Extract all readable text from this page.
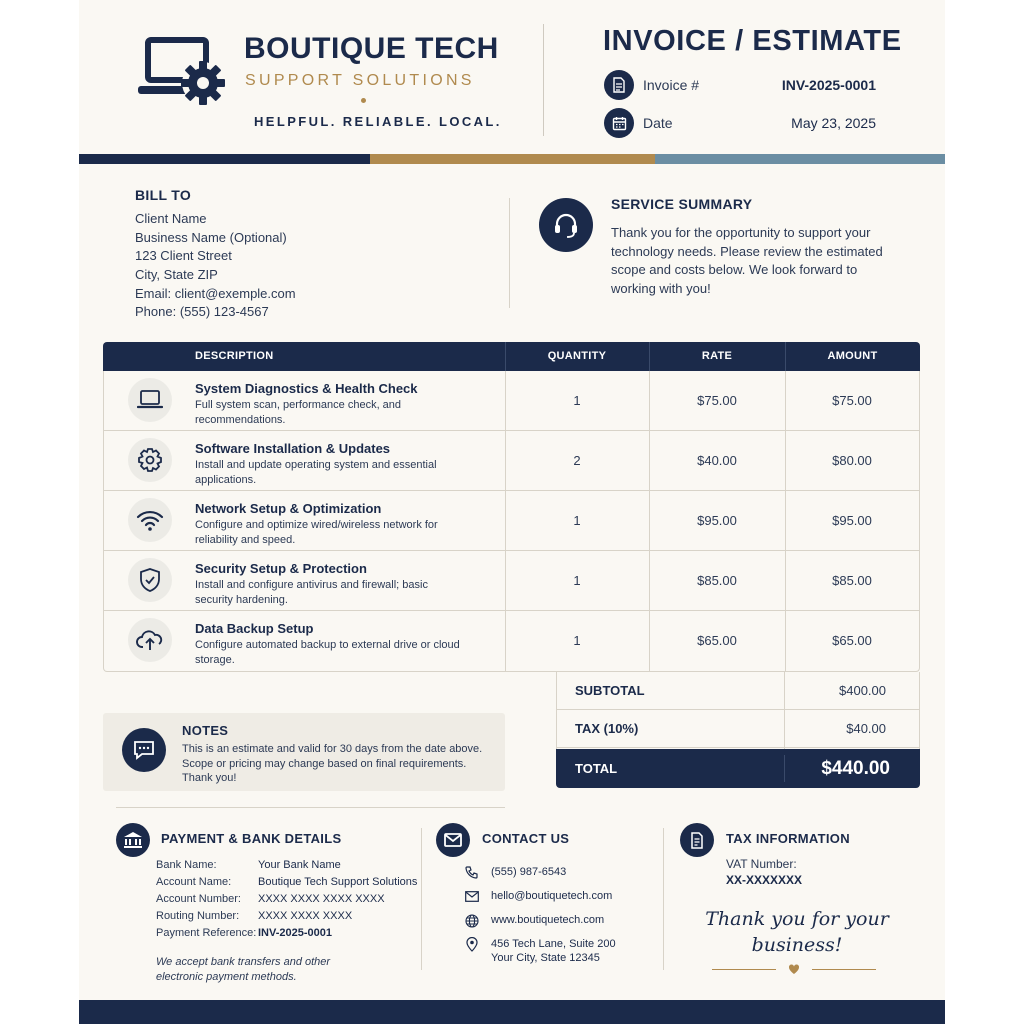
BOUTIQUE TECH
SUPPORT SOLUTIONS
HELPFUL. RELIABLE. LOCAL.
INVOICE / ESTIMATE
Invoice #	INV-2025-0001
Date	May 23, 2025
BILL TO
Client Name
Business Name (Optional)
123 Client Street
City, State ZIP
Email: client@exemple.com
Phone: (555) 123-4567
SERVICE SUMMARY
Thank you for the opportunity to support your technology needs. Please review the estimated scope and costs below. We look forward to working with you!
DESCRIPTION	QUANTITY	RATE	AMOUNT
System Diagnostics & Health Check
Full system scan, performance check, and recommendations.
1	$75.00	$75.00
Software Installation & Updates
Install and update operating system and essential applications.
2	$40.00	$80.00
Network Setup & Optimization
Configure and optimize wired/wireless network for reliability and speed.
1	$95.00	$95.00
Security Setup & Protection
Install and configure antivirus and firewall; basic security hardening.
1	$85.00	$85.00
Data Backup Setup
Configure automated backup to external drive or cloud storage.
1	$65.00	$65.00
SUBTOTAL	$400.00
TAX (10%)	$40.00
TOTAL	$440.00
NOTES
This is an estimate and valid for 30 days from the date above. Scope or pricing may change based on final requirements. Thank you!
PAYMENT & BANK DETAILS
Bank Name:	Your Bank Name
Account Name: Boutique Tech Support Solutions
Account Number: XXXX XXXX XXXX XXXX
Routing Number: XXXX XXXX XXXX
Payment Reference: INV-2025-0001
We accept bank transfers and other electronic payment methods.
CONTACT US
(555) 987-6543
hello@boutiquetech.com
www.boutiquetech.com
456 Tech Lane, Suite 200
Your City, State 12345
TAX INFORMATION
VAT Number:
XX-XXXXXXX
Thank you for your
business!
